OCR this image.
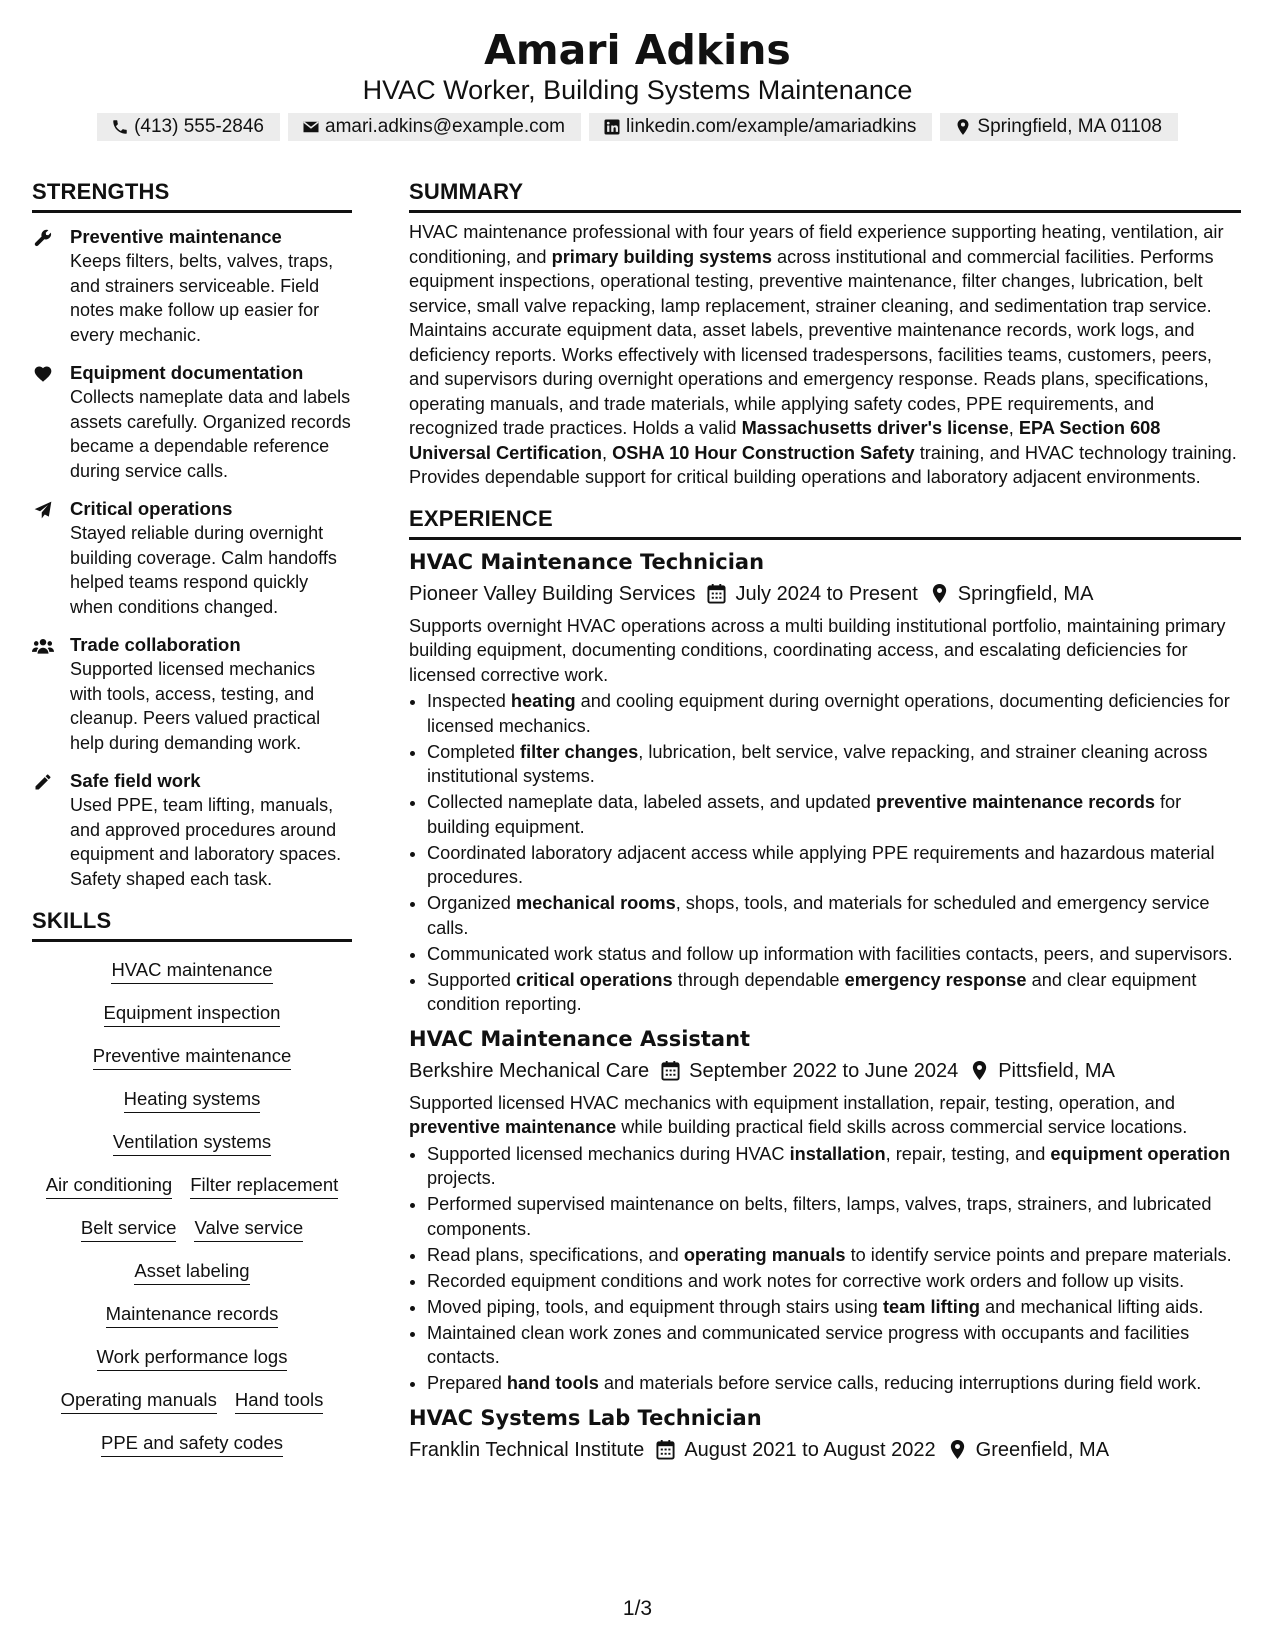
Amari Adkins
HVAC Worker, Building Systems Maintenance
(413) 555-2846	amari.adkins@example.com	linkedin.com/example/amariadkins	Springfield, MA 01108
STRENGTHS
Preventive maintenance
Keeps filters, belts, valves, traps, and strainers serviceable. Field notes make follow up easier for every mechanic.
Equipment documentation
Collects nameplate data and labels assets carefully. Organized records became a dependable reference during service calls.
Critical operations
Stayed reliable during overnight building coverage. Calm handoffs helped teams respond quickly when conditions changed.
Trade collaboration
Supported licensed mechanics with tools, access, testing, and cleanup. Peers valued practical help during demanding work.
Safe field work
Used PPE, team lifting, manuals, and approved procedures around equipment and laboratory spaces. Safety shaped each task.
SKILLS
HVAC maintenance
Equipment inspection
Preventive maintenance
Heating systems
Ventilation systems
Air conditioning Filter replacement
Belt service Valve service
Asset labeling
Maintenance records
Work performance logs
Operating manuals Hand tools
PPE and safety codes
SUMMARY
HVAC maintenance professional with four years of field experience supporting heating, ventilation, air conditioning, and primary building systems across institutional and commercial facilities. Performs equipment inspections, operational testing, preventive maintenance, filter changes, lubrication, belt service, small valve repacking, lamp replacement, strainer cleaning, and sedimentation trap service. Maintains accurate equipment data, asset labels, preventive maintenance records, work logs, and deficiency reports. Works effectively with licensed tradespersons, facilities teams, customers, peers, and supervisors during overnight operations and emergency response. Reads plans, specifications, operating manuals, and trade materials, while applying safety codes, PPE requirements, and recognized trade practices. Holds a valid Massachusetts driver's license, EPA Section 608 Universal Certification, OSHA 10 Hour Construction Safety training, and HVAC technology training. Provides dependable support for critical building operations and laboratory adjacent environments.
EXPERIENCE
HVAC Maintenance Technician
Pioneer Valley Building Services July 2024 to Present Springfield, MA
Supports overnight HVAC operations across a multi building institutional portfolio, maintaining primary building equipment, documenting conditions, coordinating access, and escalating deficiencies for licensed corrective work.
• Inspected heating and cooling equipment during overnight operations, documenting deficiencies for licensed mechanics.
• Completed filter changes, lubrication, belt service, valve repacking, and strainer cleaning across institutional systems.
• Collected nameplate data, labeled assets, and updated preventive maintenance records for building equipment.
• Coordinated laboratory adjacent access while applying PPE requirements and hazardous material procedures.
• Organized mechanical rooms, shops, tools, and materials for scheduled and emergency service calls.
• Communicated work status and follow up information with facilities contacts, peers, and supervisors.
• Supported critical operations through dependable emergency response and clear equipment condition reporting.
HVAC Maintenance Assistant
Berkshire Mechanical Care September 2022 to June 2024 Pittsfield, MA
Supported licensed HVAC mechanics with equipment installation, repair, testing, operation, and preventive maintenance while building practical field skills across commercial service locations.
• Supported licensed mechanics during HVAC installation, repair, testing, and equipment operation projects.
• Performed supervised maintenance on belts, filters, lamps, valves, traps, strainers, and lubricated components.
• Read plans, specifications, and operating manuals to identify service points and prepare materials.
• Recorded equipment conditions and work notes for corrective work orders and follow up visits.
• Moved piping, tools, and equipment through stairs using team lifting and mechanical lifting aids.
• Maintained clean work zones and communicated service progress with occupants and facilities contacts.
• Prepared hand tools and materials before service calls, reducing interruptions during field work.
HVAC Systems Lab Technician
Franklin Technical Institute August 2021 to August 2022 Greenfield, MA
1/3
